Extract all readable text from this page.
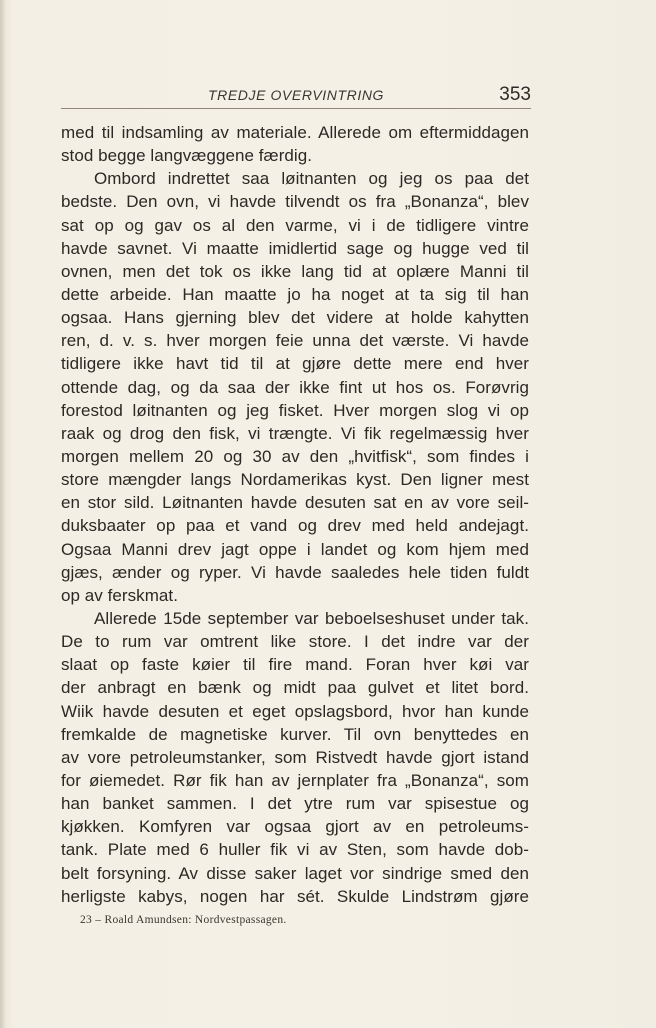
TREDJE OVERVINTRING	353
med til indsamling av materiale. Allerede om eftermiddagen
stod begge langvæggene færdig.
Ombord indrettet saa løitnanten og jeg os paa det
bedste. Den ovn, vi havde tilvendt os fra „Bonanza“, blev
sat op og gav os al den varme, vi i de tidligere vintre
havde savnet. Vi maatte imidlertid sage og hugge ved til
ovnen, men det tok os ikke lang tid at oplære Manni til
dette arbeide. Han maatte jo ha noget at ta sig til han
ogsaa. Hans gjerning blev det videre at holde kahytten
ren, d. v. s. hver morgen feie unna det værste. Vi havde
tidligere ikke havt tid til at gjøre dette mere end hver
ottende dag, og da saa der ikke fint ut hos os. Forøvrig
forestod løitnanten og jeg fisket. Hver morgen slog vi op
raak og drog den fisk, vi trængte. Vi fik regelmæssig hver
morgen mellem 20 og 30 av den „hvitfisk“, som findes i
store mængder langs Nordamerikas kyst. Den ligner mest
en stor sild. Løitnanten havde desuten sat en av vore seil-
duksbaater op paa et vand og drev med held andejagt.
Ogsaa Manni drev jagt oppe i landet og kom hjem med
gjæs, ænder og ryper. Vi havde saaledes hele tiden fuldt
op av ferskmat.
Allerede 15de september var beboelseshuset under tak.
De to rum var omtrent like store. I det indre var der
slaat op faste køier til fire mand. Foran hver køi var
der anbragt en bænk og midt paa gulvet et litet bord.
Wiik havde desuten et eget opslagsbord, hvor han kunde
fremkalde de magnetiske kurver. Til ovn benyttedes en
av vore petroleumstanker, som Ristvedt havde gjort istand
for øiemedet. Rør fik han av jernplater fra „Bonanza“, som
han banket sammen. I det ytre rum var spisestue og
kjøkken. Komfyren var ogsaa gjort av en petroleums-
tank. Plate med 6 huller fik vi av Sten, som havde dob-
belt forsyning. Av disse saker laget vor sindrige smed den
herligste kabys, nogen har sét. Skulde Lindstrøm gjøre
23 – Roald Amundsen: Nordvestpassagen.
